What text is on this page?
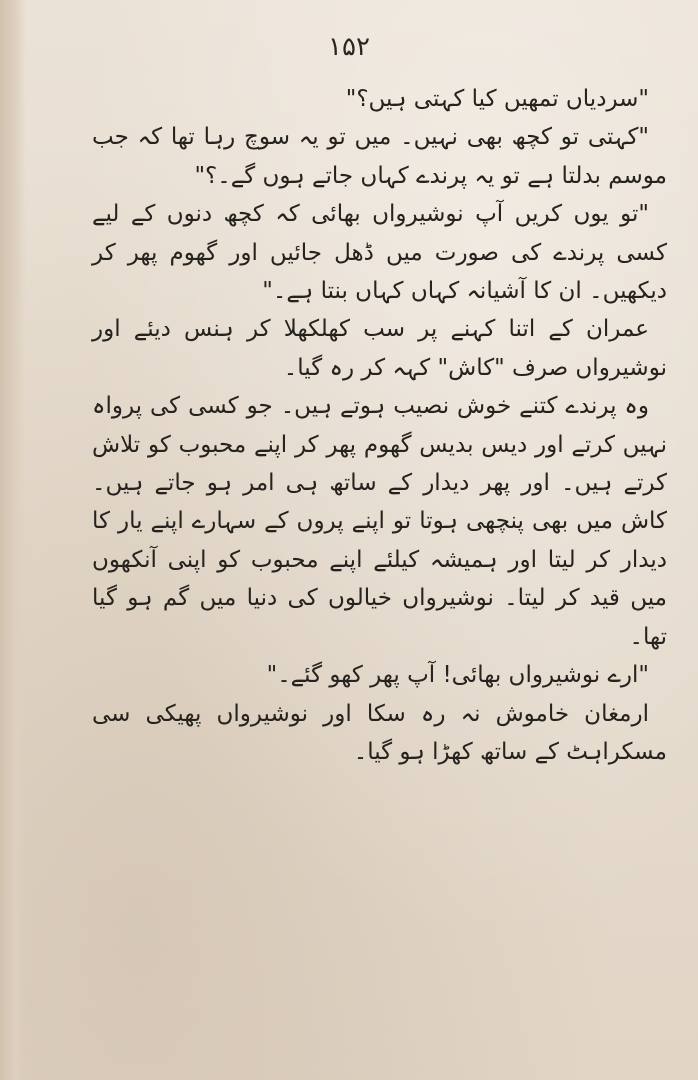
۱۵۲

"سردیاں تمھیں کیا کہتی ہیں؟"

"کہتی تو کچھ بھی نہیں۔ میں تو یہ سوچ رہا تھا کہ جب موسم بدلتا ہے تو یہ پرندے کہاں جاتے ہوں گے۔؟"

"تو یوں کریں آپ نوشیرواں بھائی کہ کچھ دنوں کے لیے کسی پرندے کی صورت میں ڈھل جائیں اور گھوم پھر کر دیکھیں۔ ان کا آشیانہ کہاں کہاں بنتا ہے۔"

عمران کے اتنا کہنے پر سب کھلکھلا کر ہنس دیئے اور نوشیرواں صرف "کاش" کہہ کر رہ گیا۔

وہ پرندے کتنے خوش نصیب ہوتے ہیں۔ جو کسی کی پرواہ نہیں کرتے اور دیس بدیس گھوم پھر کر اپنے محبوب کو تلاش کرتے ہیں۔ اور پھر دیدار کے ساتھ ہی امر ہو جاتے ہیں۔ کاش میں بھی پنچھی ہوتا تو اپنے پروں کے سہارے اپنے یار کا دیدار کر لیتا اور ہمیشہ کیلئے اپنے محبوب کو اپنی آنکھوں میں قید کر لیتا۔ نوشیرواں خیالوں کی دنیا میں گم ہو گیا تھا۔

"ارے نوشیرواں بھائی! آپ پھر کھو گئے۔"

ارمغان خاموش نہ رہ سکا اور نوشیرواں پھیکی سی مسکراہٹ کے ساتھ کھڑا ہو گیا۔
